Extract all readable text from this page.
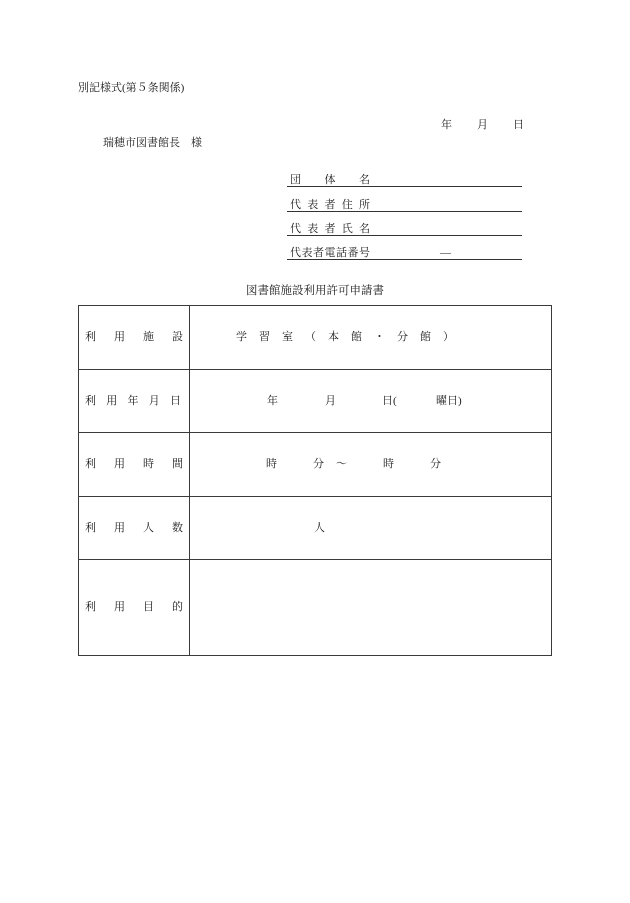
別記様式(第５条関係)
年 月 日
瑞穂市図書館長　様
団 体 名
代 表 者 住 所
代 表 者 氏 名
代 表 者 電 話 番 号	―
図書館施設利用許可申請書
利 用 施 設	学 習 室 （ 本 館 ・ 分 館 ）
利 用 年 月 日	年	月	日(	曜日)
利 用 時 間	時	分 ～	時	分
利 用 人 数	人
利 用 目 的
